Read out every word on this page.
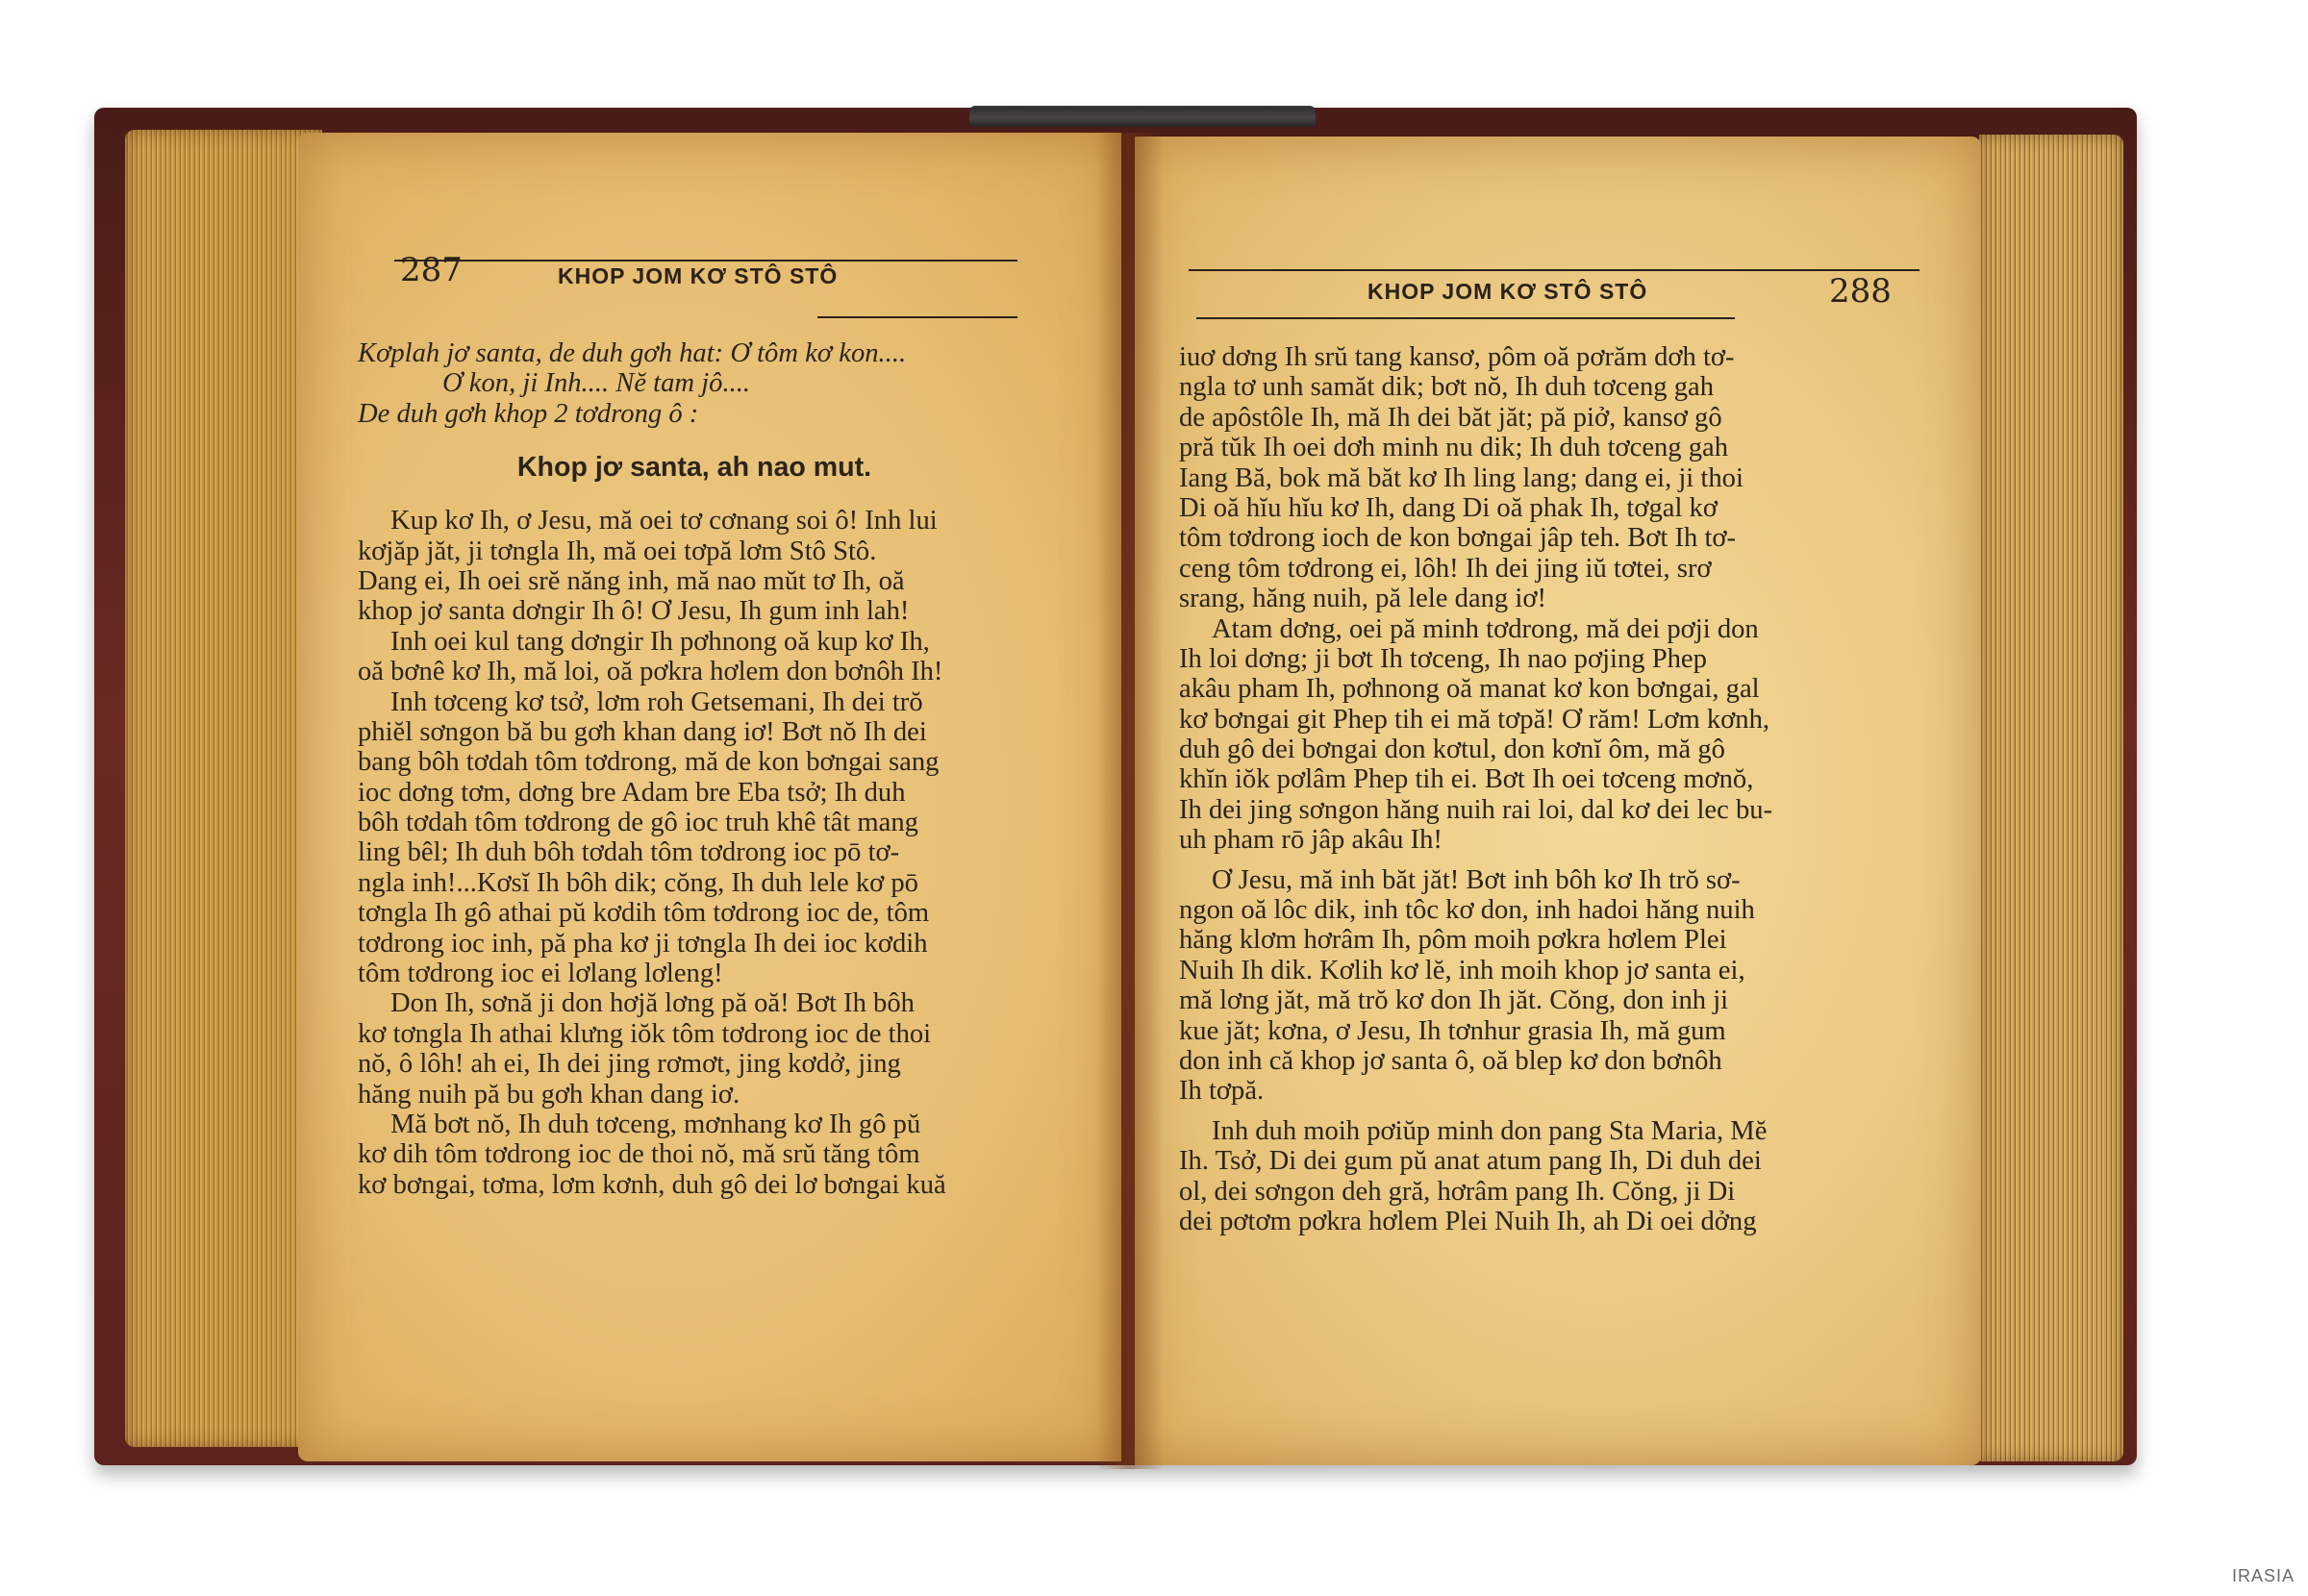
287	KHOP JOM KƠ STÔ STÔ
Kơplah jơ santa, de duh gơh hat: Ơ tôm kơ kon....
Ơ kon, ji Inh.... Nĕ tam jô....
De duh gơh khop 2 tơdrong ô :
Khop jơ santa, ah nao mut.
Kup kơ Ih, ơ Jesu, mă oei tơ cơnang soi ô! Inh lui
kơjăp jăt, ji tơngla Ih, mă oei tơpă lơm Stô Stô.
Dang ei, Ih oei srĕ năng inh, mă nao mŭt tơ Ih, oă
khop jơ santa dơngir Ih ô! Ơ Jesu, Ih gum inh lah!
Inh oei kul tang dơngir Ih pơhnong oă kup kơ Ih,
oă bơnê kơ Ih, mă loi, oă pơkra hơlem don bơnôh Ih!
Inh tơceng kơ tsở, lơm roh Getsemani, Ih dei trŏ
phiĕl sơngon bă bu gơh khan dang iơ! Bơt nŏ Ih dei
bang bôh tơdah tôm tơdrong, mă de kon bơngai sang
ioc dơng tơm, dơng bre Adam bre Eba tsở; Ih duh
bôh tơdah tôm tơdrong de gô ioc truh khê tât mang
ling bêl; Ih duh bôh tơdah tôm tơdrong ioc pō tơ-
ngla inh!...Kơsĭ Ih bôh dik; cŏng, Ih duh lele kơ pō
tơngla Ih gô athai pŭ kơdih tôm tơdrong ioc de, tôm
tơdrong ioc inh, pă pha kơ ji tơngla Ih dei ioc kơdih
tôm tơdrong ioc ei lơlang lơleng!
Don Ih, sơnă ji don hơjă lơng pă oă! Bơt Ih bôh
kơ tơngla Ih athai klưng iŏk tôm tơdrong ioc de thoi
nŏ, ô lôh! ah ei, Ih dei jing rơmơt, jing kơdở, jing
hăng nuih pă bu gơh khan dang iơ.
Mă bơt nŏ, Ih duh tơceng, mơnhang kơ Ih gô pŭ
kơ dih tôm tơdrong ioc de thoi nŏ, mă srŭ tăng tôm
kơ bơngai, tơma, lơm kơnh, duh gô dei lơ bơngai kuă
KHOP JOM KƠ STÔ STÔ	288
iuơ dơng Ih srŭ tang kansơ, pôm oă pơrăm dơh tơ-
ngla tơ unh samăt dik; bơt nŏ, Ih duh tơceng gah
de apôstôle Ih, mă Ih dei băt jăt; pă piở, kansơ gô
pră tŭk Ih oei dơh minh nu dik; Ih duh tơceng gah
Iang Bă, bok mă băt kơ Ih ling lang; dang ei, ji thoi
Di oă hĭu hĭu kơ Ih, dang Di oă phak Ih, tơgal kơ
tôm tơdrong ioch de kon bơngai jâp teh. Bơt Ih tơ-
ceng tôm tơdrong ei, lôh! Ih dei jing iŭ tơtei, srơ
srang, hăng nuih, pă lele dang iơ!
Atam dơng, oei pă minh tơdrong, mă dei pơji don
Ih loi dơng; ji bơt Ih tơceng, Ih nao pơjing Phep
akâu pham Ih, pơhnong oă manat kơ kon bơngai, gal
kơ bơngai git Phep tih ei mă tơpă! Ơ răm! Lơm kơnh,
duh gô dei bơngai don kơtul, don kơnĭ ôm, mă gô
khĭn iŏk pơlâm Phep tih ei. Bơt Ih oei tơceng mơnŏ,
Ih dei jing sơngon hăng nuih rai loi, dal kơ dei lec bu-
uh pham rō jâp akâu Ih!
Ơ Jesu, mă inh băt jăt! Bơt inh bôh kơ Ih trŏ sơ-
ngon oă lôc dik, inh tôc kơ don, inh hadoi hăng nuih
hăng klơm hơrâm Ih, pôm moih pơkra hơlem Plei
Nuih Ih dik. Kơlih kơ lĕ, inh moih khop jơ santa ei,
mă lơng jăt, mă trŏ kơ don Ih jăt. Cŏng, don inh ji
kue jăt; kơna, ơ Jesu, Ih tơnhur grasia Ih, mă gum
don inh că khop jơ santa ô, oă blep kơ don bơnôh
Ih tơpă.
Inh duh moih pơiŭp minh don pang Sta Maria, Mĕ
Ih. Tsở, Di dei gum pŭ anat atum pang Ih, Di duh dei
ol, dei sơngon deh gră, hơrâm pang Ih. Cŏng, ji Di
dei pơtơm pơkra hơlem Plei Nuih Ih, ah Di oei dởng
IRASIA
